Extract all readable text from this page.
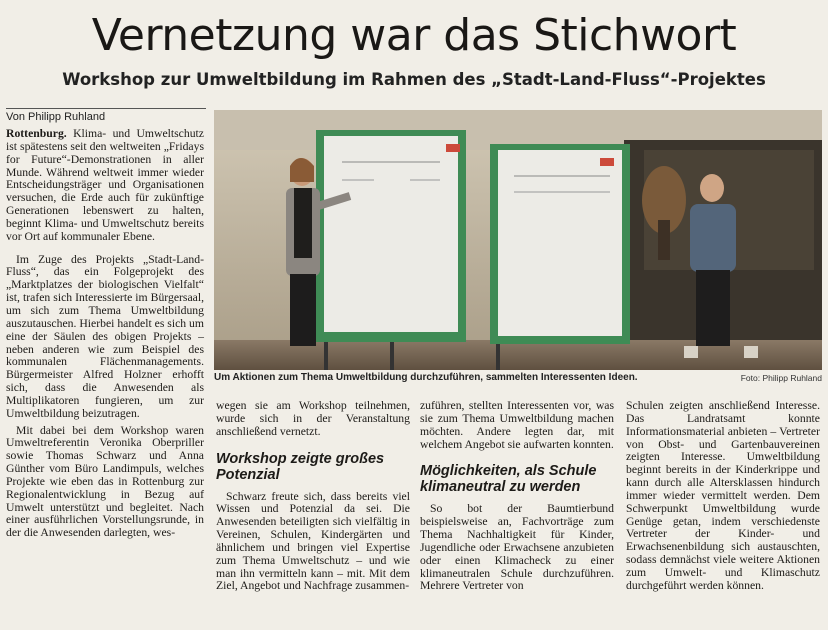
Vernetzung war das Stichwort
Workshop zur Umweltbildung im Rahmen des „Stadt-Land-Fluss“-Projektes
Von Philipp Ruhland

Rottenburg. Klima- und Umweltschutz ist spätestens seit den weltweiten „Fridays for Future“-Demonstrationen in aller Munde. Während weltweit immer wieder Entscheidungsträger und Organisationen versuchen, die Erde auch für zukünftige Generationen lebenswert zu halten, beginnt Klima- und Umweltschutz bereits vor Ort auf kommunaler Ebene.

Im Zuge des Projekts „Stadt-Land-Fluss“, das ein Folgeprojekt des „Marktplatzes der biologischen Vielfalt“ ist, trafen sich Interessierte im Bürgersaal, um sich zum Thema Umweltbildung auszutauschen. Hierbei handelt es sich um eine der Säulen des obigen Projekts – neben anderen wie zum Beispiel des kommunalen Flächenmanagements. Bürgermeister Alfred Holzner erhofft sich, dass die Anwesenden als Multiplikatoren fungieren, um zur Umweltbildung beizutragen.

Mit dabei bei dem Workshop waren Umweltreferentin Veronika Oberpriller sowie Thomas Schwarz und Anna Günther vom Büro Landimpuls, welches Projekte wie eben das in Rottenburg zur Regionalentwicklung in Bezug auf Umwelt unterstützt und begleitet. Nach einer ausführlichen Vorstellungsrunde, in der die Anwesenden darlegten, wes-

Um Aktionen zum Thema Umweltbildung durchzuführen, sammelten Interessenten Ideen.	Foto: Philipp Ruhland

wegen sie am Workshop teilnehmen, wurde sich in der Veranstaltung anschließend vernetzt.

Workshop zeigte großes Potenzial

Schwarz freute sich, dass bereits viel Wissen und Potenzial da sei. Die Anwesenden beteiligten sich vielfältig in Vereinen, Schulen, Kindergärten und ähnlichem und bringen viel Expertise zum Thema Umweltschutz – und wie man ihn vermitteln kann – mit. Mit dem Ziel, Angebot und Nachfrage zusammen-

zuführen, stellten Interessenten vor, was sie zum Thema Umweltbildung machen möchten. Andere legten dar, mit welchem Angebot sie aufwarten konnten.

Möglichkeiten, als Schule klimaneutral zu werden

So bot der Baumtierbund beispielsweise an, Fachvorträge zum Thema Nachhaltigkeit für Kinder, Jugendliche oder Erwachsene anzubieten oder einen Klimacheck zu einer klimaneutralen Schule durchzuführen. Mehrere Vertreter von

Schulen zeigten anschließend Interesse. Das Landratsamt konnte Informationsmaterial anbieten – Vertreter von Obst- und Gartenbauvereinen zeigten Interesse. Umweltbildung beginnt bereits in der Kinderkrippe und kann durch alle Altersklassen hindurch immer wieder vermittelt werden. Dem Schwerpunkt Umweltbildung wurde Genüge getan, indem verschiedenste Vertreter der Kinder- und Erwachsenenbildung sich austauschten, sodass demnächst viele weitere Aktionen zum Umwelt- und Klimaschutz durchgeführt werden können.
